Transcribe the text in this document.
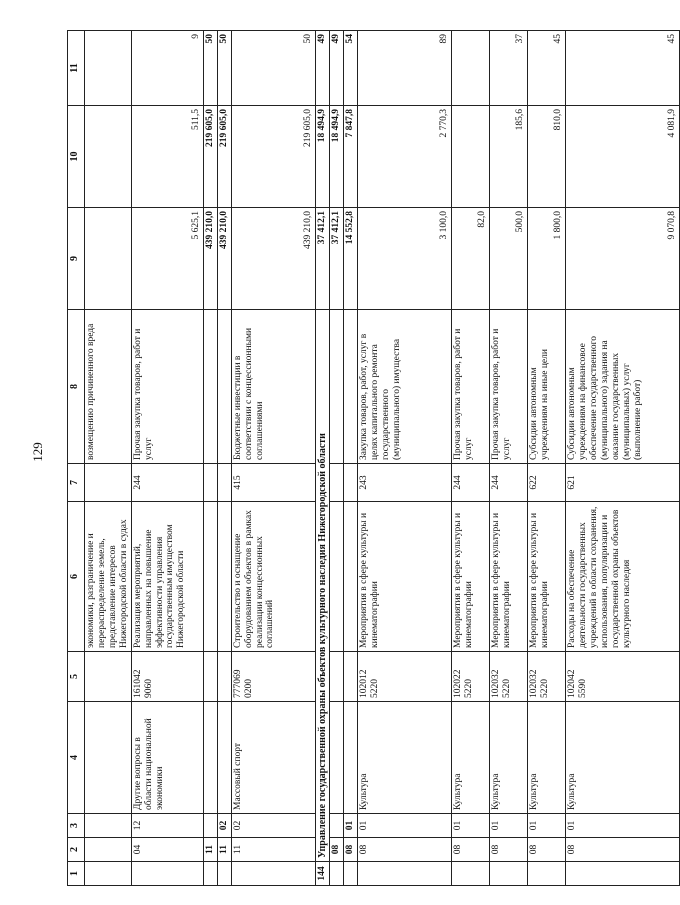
129
1	2	3	4	5	6	7	8	9	10	11
					экономики, разграничение и перераспределение земель, представление интересов Нижегородской области в судах		возмещению причиненного вреда			
	04	12	Другие вопросы в области национальной экономики	161042 9060	Реализация мероприятий, направленных на повышение эффективности управления государственным имуществом Нижегородской области	244	Прочая закупка товаров, работ и услуг	5 625,1	511,5	9
	11							439 210,0	219 605,0	50
	11	02						439 210,0	219 605,0	50
	11	02	Массовый спорт	777069 0200	Строительство и оснащение оборудованием объектов в рамках реализации концессионных соглашений	415	Бюджетные инвестиции в соответствии с концессионными соглашениями	439 210,0	219 605,0	50
144	Управление государственной охраны объектов культурного наследия Нижегородской области							37 412,1	18 494,9	49
	08							37 412,1	18 494,9	49
	08	01						14 552,8	7 847,8	54
	08	01	Культура	102012 5220	Мероприятия в сфере культуры и кинематографии	243	Закупка товаров, работ, услуг в целях капитального ремонта государственного (муниципального) имущества	3 100,0	2 770,3	89
	08	01	Культура	102022 5220	Мероприятия в сфере культуры и кинематографии	244	Прочая закупка товаров, работ и услуг	82,0		
	08	01	Культура	102032 5220	Мероприятия в сфере культуры и кинематографии	244	Прочая закупка товаров, работ и услуг	500,0	185,6	37
	08	01	Культура	102032 5220	Мероприятия в сфере культуры и кинематографии	622	Субсидии автономным учреждениям на иные цели	1 800,0	810,0	45
	08	01	Культура	102042 5590	Расходы на обеспечение деятельности государственных учреждений в области сохранения, использования, популяризации и государственной охраны объектов культурного наследия	621	Субсидии автономным учреждениям на финансовое обеспечение государственного (муниципального) задания на оказание государственных (муниципальных) услуг (выполнение работ)	9 070,8	4 081,9	45
